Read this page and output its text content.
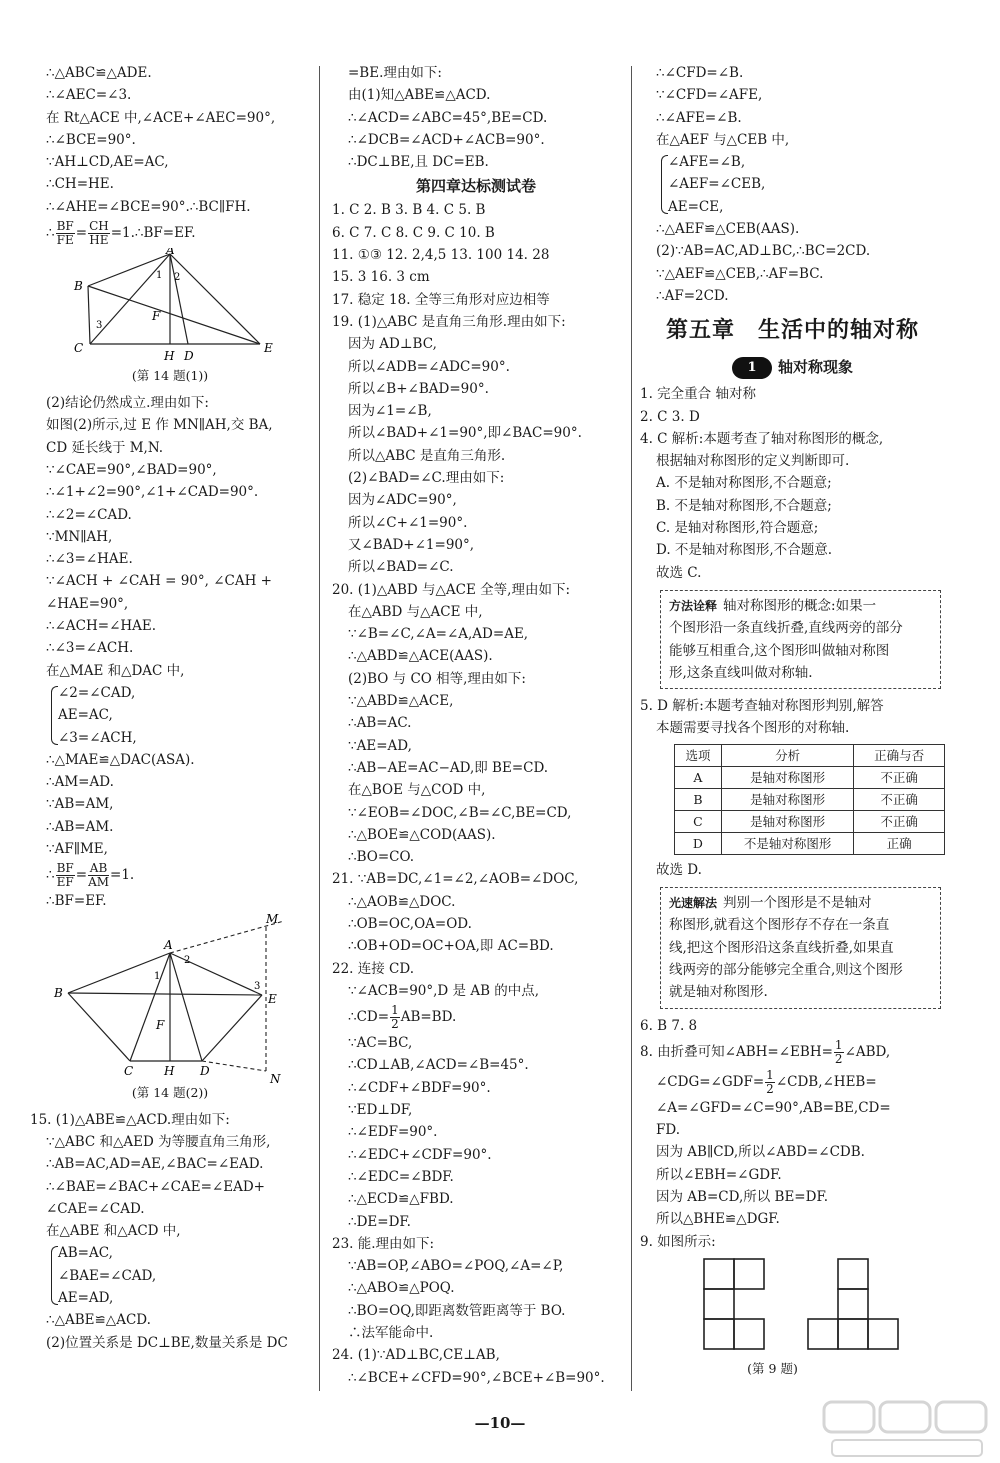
∴△ABC≌△ADE.
∴∠AEC=∠3.
在 Rt△ACE 中,∠ACE+∠AEC=90°,
∴∠BCE=90°.
∵AH⊥CD,AE=AC,
∴CH=HE.
∴∠AHE=∠BCE=90°.∴BC∥FH.
∴ $\frac{BF}{FE} = \frac{CH}{HE}$ =1.∴BF=EF.
A
B
C
H D
E
F
1 2
3
(第 14 题(1))
(2)结论仍然成立.理由如下:
如图(2)所示,过 E 作 MN∥AH,交 BA,
CD 延长线于 M,N.
∵∠CAE=90°,∠BAD=90°,
∴∠1+∠2=90°,∠1+∠CAD=90°.
∴∠2=∠CAD.
∵MN∥AH,
∴∠3=∠HAE.
∵∠ACH + ∠CAH = 90°, ∠CAH +
∠HAE=90°,
∴∠ACH=∠HAE.
∴∠3=∠ACH.
在△MAE 和△DAC 中,
∠2=∠CAD,
AE=AC,
∠3=∠ACH,
∴△MAE≌△DAC(ASA).
∴AM=AD.
∵AB=AM,
∴AB=AM.
∵AF∥ME,
∴ $\frac{BF}{EF} = \frac{AB}{AM} =1$.
∴BF=EF.
A
B
C	H D
E
F
M
N
1
2
3
(第 14 题(2))
15. (1)△ABE≌△ACD.理由如下:
∵△ABC 和△AED 为等腰直角三角形,
∴AB=AC,AD=AE,∠BAC=∠EAD.
∴∠BAE=∠BAC+∠CAE=∠EAD+
∠CAE=∠CAD.
在△ABE 和△ACD 中,
AB=AC,
∠BAE=∠CAD,
AE=AD,
∴△ABE≌△ACD.
(2)位置关系是 DC⊥BE,数量关系是 DC
=BE.理由如下:
由(1)知△ABE≌△ACD.
∴∠ACD=∠ABC=45°,BE=CD.
∴∠DCB=∠ACD+∠ACB=90°.
∴DC⊥BE,且 DC=EB.
第四章达标测试卷
1. C 2. B 3. B 4. C 5. B
6. C 7. C 8. C 9. C 10. B
11. ①③ 12. 2,4,5 13. 100 14. 28
15. 3 16. 3 cm
17. 稳定 18. 全等三角形对应边相等
19. (1)△ABC 是直角三角形.理由如下:
因为 AD⊥BC,
所以∠ADB=∠ADC=90°.
所以∠B+∠BAD=90°.
因为∠1=∠B,
所以∠BAD+∠1=90°,即∠BAC=90°.
所以△ABC 是直角三角形.
(2)∠BAD=∠C.理由如下:
因为∠ADC=90°,
所以∠C+∠1=90°.
又∠BAD+∠1=90°,
所以∠BAD=∠C.
20. (1)△ABD 与△ACE 全等,理由如下:
在△ABD 与△ACE 中,
∵∠B=∠C,∠A=∠A,AD=AE,
∴△ABD≌△ACE(AAS).
(2)BO 与 CO 相等,理由如下:
∵△ABD≌△ACE,
∴AB=AC.
∵AE=AD,
∴AB−AE=AC−AD,即 BE=CD.
在△BOE 与△COD 中,
∵∠EOB=∠DOC,∠B=∠C,BE=CD,
∴△BOE≌△COD(AAS).
∴BO=CO.
21. ∵AB=DC,∠1=∠2,∠AOB=∠DOC,
∴△AOB≌△DOC.
∴OB=OC,OA=OD.
∴OB+OD=OC+OA,即 AC=BD.
22. 连接 CD.
∵∠ACB=90°,D 是 AB 的中点,
∴CD= $\frac{1}{2} AB=BD$.
∵AC=BC,
∴CD⊥AB,∠ACD=∠B=45°.
∴∠CDF+∠BDF=90°.
∵ED⊥DF,
∴∠EDF=90°.
∴∠EDC+∠CDF=90°.
∴∠EDC=∠BDF.
∴△ECD≌△FBD.
∴DE=DF.
23. 能.理由如下:
∵AB=OP,∠ABO=∠POQ,∠A=∠P,
∴△ABO≌△POQ.
∴BO=OQ,即距离数管距离等于 BO.
∴法军能命中.
24. (1)∵AD⊥BC,CE⊥AB,
∴∠BCE+∠CFD=90°,∠BCE+∠B=90°.
∴∠CFD=∠B.
∵∠CFD=∠AFE,
∴∠AFE=∠B.
在△AEF 与△CEB 中,
∠AFE=∠B,
∠AEF=∠CEB,
AE=CE,
∴△AEF≌△CEB(AAS).
(2)∵AB=AC,AD⊥BC,∴BC=2CD.
∵△AEF≌△CEB,∴AF=BC.
∴AF=2CD.
第五章　生活中的轴对称
1 轴对称现象
1. 完全重合 轴对称
2. C 3. D
4. C 解析:本题考查了轴对称图形的概念,
根据轴对称图形的定义判断即可.
A. 不是轴对称图形,不合题意;
B. 不是轴对称图形,不合题意;
C. 是轴对称图形,符合题意;
D. 不是轴对称图形,不合题意.
故选 C.
方法诠释 轴对称图形的概念:如果一
个图形沿一条直线折叠,直线两旁的部分
能够互相重合,这个图形叫做轴对称图
形,这条直线叫做对称轴.
5. D 解析:本题考查轴对称图形判别,解答
本题需要寻找各个图形的对称轴.
选项	分析	正确与否
A	是轴对称图形	不正确
B	是轴对称图形	不正确
C	是轴对称图形	不正确
D	不是轴对称图形	正确
故选 D.
光速解法 判别一个图形是不是轴对
称图形,就看这个图形存不存在一条直
线,把这个图形沿这条直线折叠,如果直
线两旁的部分能够完全重合,则这个图形
就是轴对称图形.
6. B 7. 8
8. 由折叠可知∠ABH=∠EBH= $\frac{1}{2}$ ∠ABD,
∠CDG=∠GDF= $\frac{1}{2}$ ∠CDB,∠HEB=
∠A=∠GFD=∠C=90°,AB=BE,CD=
FD.
因为 AB∥CD,所以∠ABD=∠CDB.
所以∠EBH=∠GDF.
因为 AB=CD,所以 BE=DF.
所以△BHE≌△DGF.
9. 如图所示:
(第 9 题)
—10—
